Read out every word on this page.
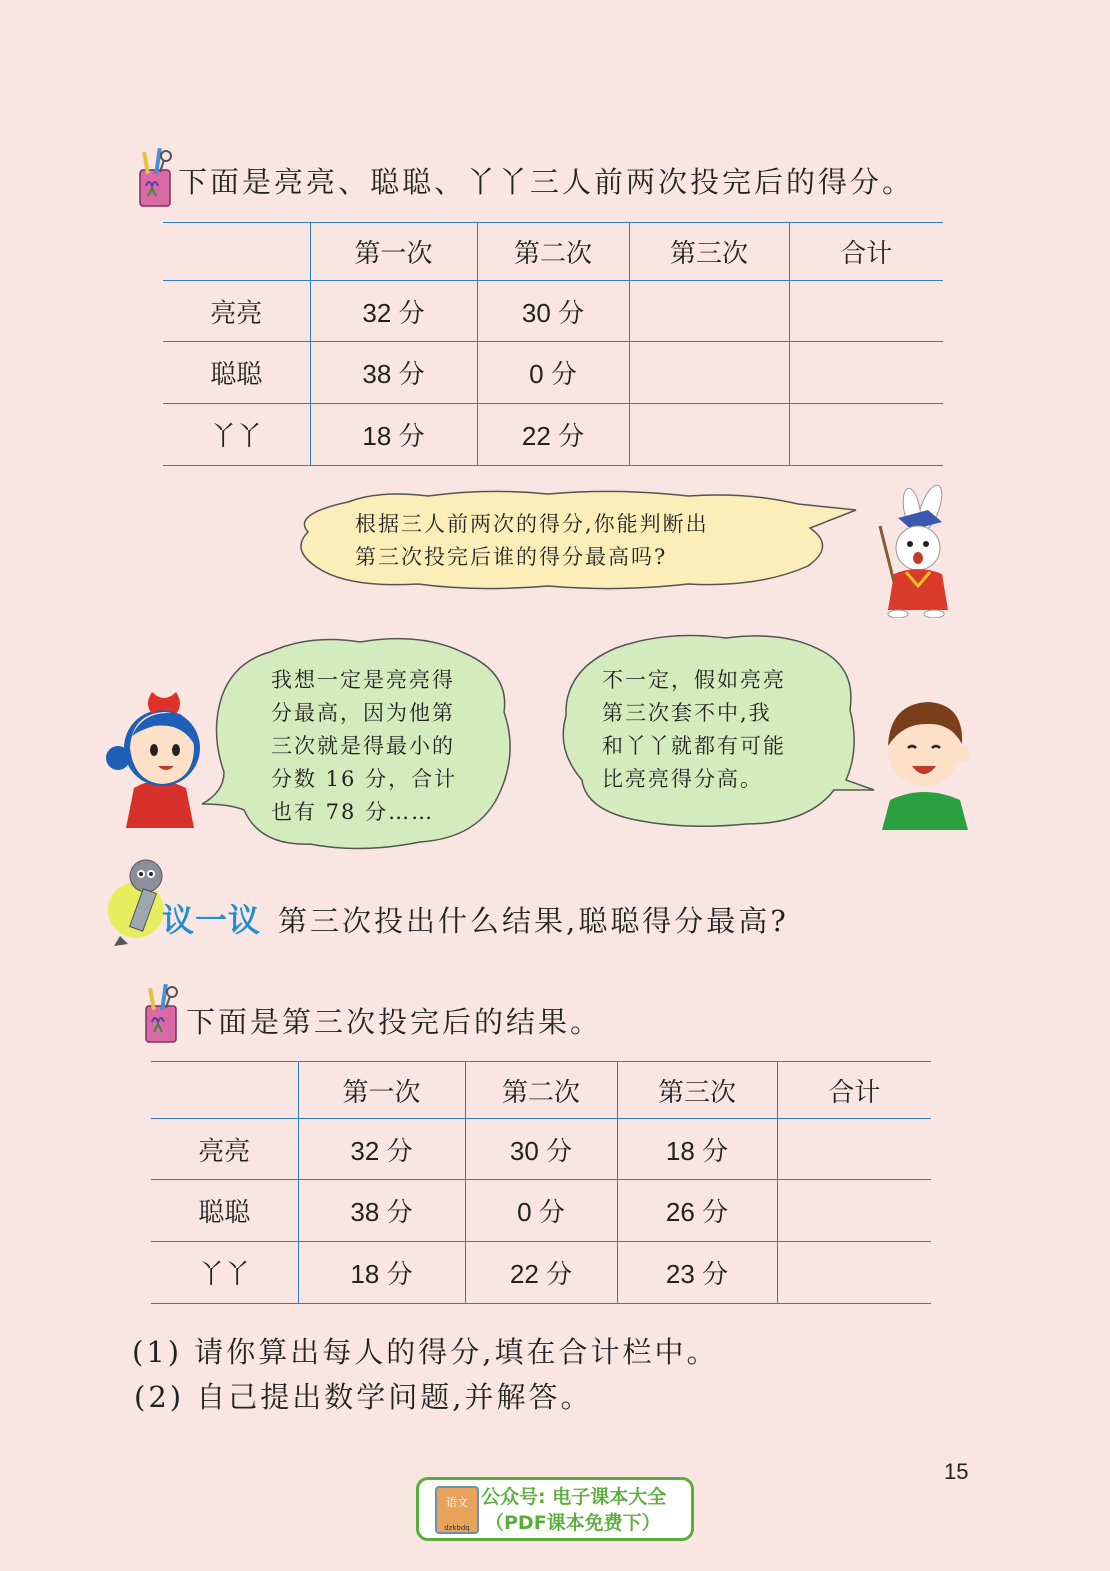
下面是亮亮、聪聪、丫丫三人前两次投完后的得分。
	第一次	第二次	第三次	合计
亮亮	32 分	30 分		
聪聪	38 分	0 分		
丫丫	18 分	22 分		
根据三人前两次的得分,你能判断出
第三次投完后谁的得分最高吗?
我想一定是亮亮得
分最高，因为他第
三次就是得最小的
分数 16 分，合计
也有 78 分……
不一定，假如亮亮
第三次套不中,我
和丫丫就都有可能
比亮亮得分高。
议一议 第三次投出什么结果,聪聪得分最高?
下面是第三次投完后的结果。
	第一次	第二次	第三次	合计
亮亮	32 分	30 分	18 分	
聪聪	38 分	0 分	26 分	
丫丫	18 分	22 分	23 分	
(1) 请你算出每人的得分,填在合计栏中。
(2) 自己提出数学问题,并解答。
15
语文
dzkbdq
公众号: 电子课本大全
（PDF课本免费下）
